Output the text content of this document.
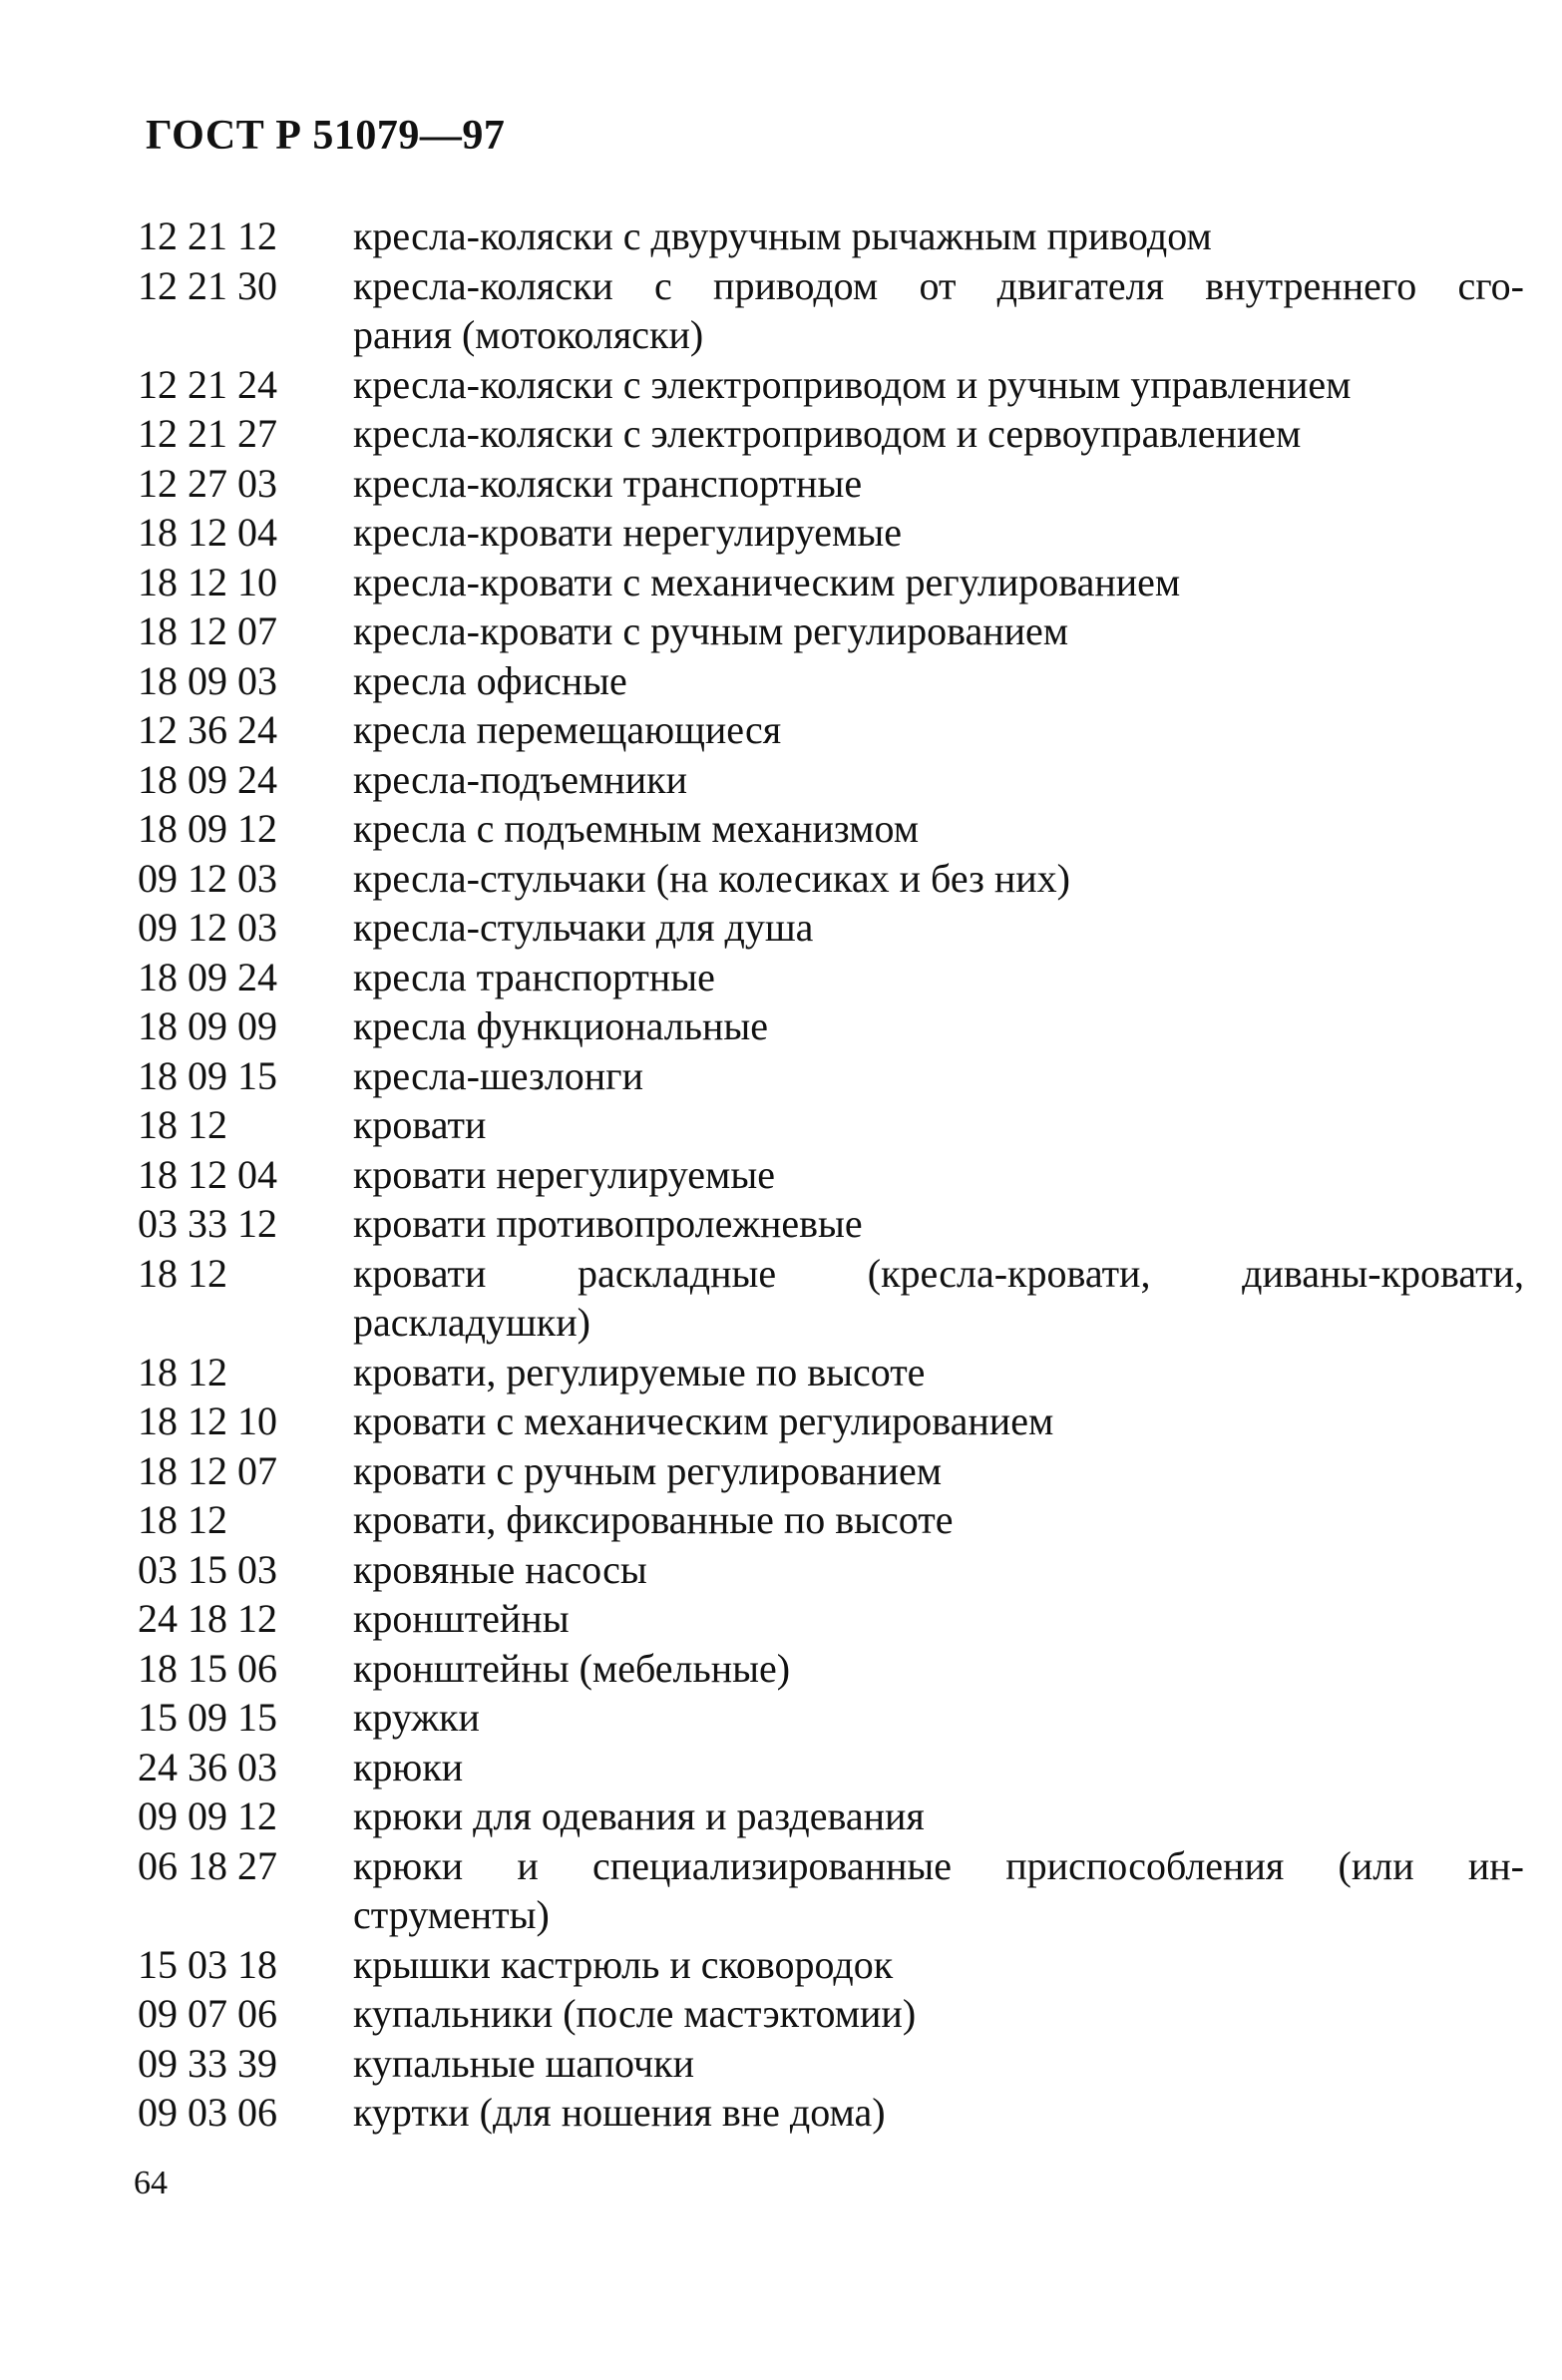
ГОСТ Р 51079—97
12 21 12	кресла-коляски с двуручным рычажным приводом
12 21 30	кресла-коляски с приводом от двигателя внутреннего сго-
рания (мотоколяски)
12 21 24	кресла-коляски с электроприводом и ручным управлением
12 21 27	кресла-коляски с электроприводом и сервоуправлением
12 27 03	кресла-коляски транспортные
18 12 04	кресла-кровати нерегулируемые
18 12 10	кресла-кровати с механическим регулированием
18 12 07	кресла-кровати с ручным регулированием
18 09 03	кресла офисные
12 36 24	кресла перемещающиеся
18 09 24	кресла-подъемники
18 09 12	кресла с подъемным механизмом
09 12 03	кресла-стульчаки (на колесиках и без них)
09 12 03	кресла-стульчаки для душа
18 09 24	кресла транспортные
18 09 09	кресла функциональные
18 09 15	кресла-шезлонги
18 12	кровати
18 12 04	кровати нерегулируемые
03 33 12	кровати противопролежневые
18 12	кровати раскладные (кресла-кровати, диваны-кровати,
раскладушки)
18 12	кровати, регулируемые по высоте
18 12 10	кровати с механическим регулированием
18 12 07	кровати с ручным регулированием
18 12	кровати, фиксированные по высоте
03 15 03	кровяные насосы
24 18 12	кронштейны
18 15 06	кронштейны (мебельные)
15 09 15	кружки
24 36 03	крюки
09 09 12	крюки для одевания и раздевания
06 18 27	крюки и специализированные приспособления (или ин-
струменты)
15 03 18	крышки кастрюль и сковородок
09 07 06	купальники (после мастэктомии)
09 33 39	купальные шапочки
09 03 06	куртки (для ношения вне дома)
64
